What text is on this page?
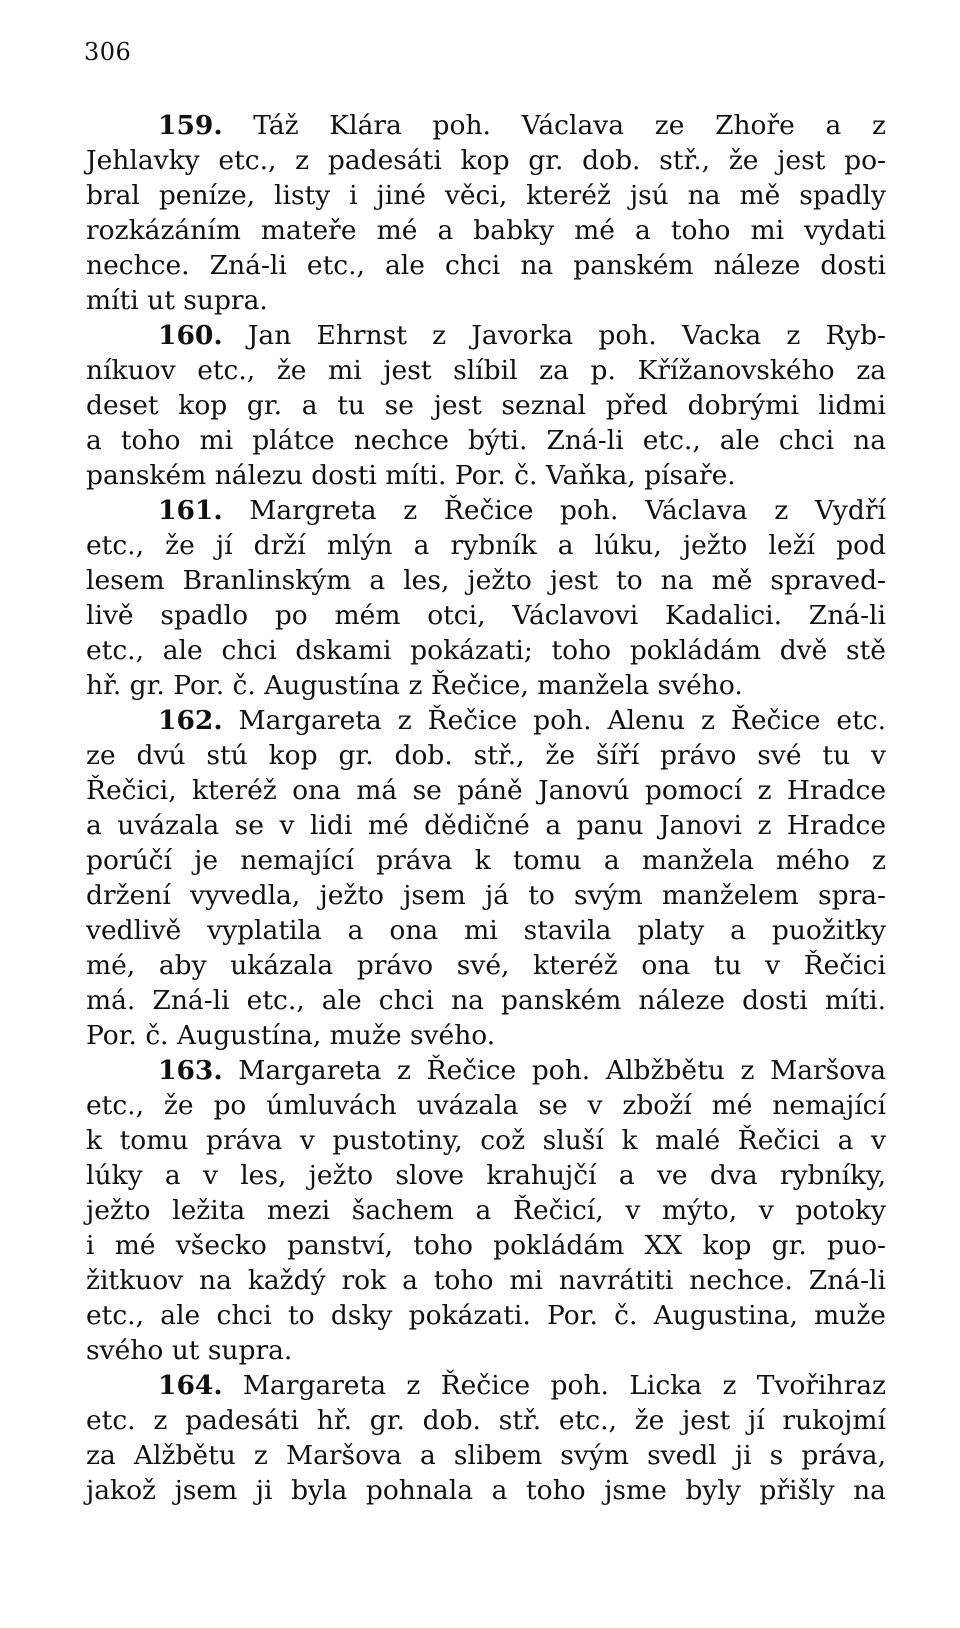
306
159. Táž Klára poh. Václava ze Zhoře a z
Jehlavky etc., z padesáti kop gr. dob. stř., že jest po-
bral peníze, listy i jiné věci, kteréž jsú na mě spadly
rozkázáním mateře mé a babky mé a toho mi vydati
nechce. Zná-li etc., ale chci na panském náleze dosti
míti ut supra.
160. Jan Ehrnst z Javorka poh. Vacka z Ryb-
níkuov etc., že mi jest slíbil za p. Křížanovského za
deset kop gr. a tu se jest seznal před dobrými lidmi
a toho mi plátce nechce býti. Zná-li etc., ale chci na
panském nálezu dosti míti. Por. č. Vaňka, písaře.
161. Margreta z Řečice poh. Václava z Vydří
etc., že jí drží mlýn a rybník a lúku, ježto leží pod
lesem Branlinským a les, ježto jest to na mě spraved-
livě spadlo po mém otci, Václavovi Kadalici. Zná-li
etc., ale chci dskami pokázati; toho pokládám dvě stě
hř. gr. Por. č. Augustína z Řečice, manžela svého.
162. Margareta z Řečice poh. Alenu z Řečice etc.
ze dvú stú kop gr. dob. stř., že šíří právo své tu v
Řečici, kteréž ona má se páně Janovú pomocí z Hradce
a uvázala se v lidi mé dědičné a panu Janovi z Hradce
porúčí je nemající práva k tomu a manžela mého z
držení vyvedla, ježto jsem já to svým manželem spra-
vedlivě vyplatila a ona mi stavila platy a puožitky
mé, aby ukázala právo své, kteréž ona tu v Řečici
má. Zná-li etc., ale chci na panském náleze dosti míti.
Por. č. Augustína, muže svého.
163. Margareta z Řečice poh. Albžbětu z Maršova
etc., že po úmluvách uvázala se v zboží mé nemající
k tomu práva v pustotiny, což sluší k malé Řečici a v
lúky a v les, ježto slove krahujčí a ve dva rybníky,
ježto ležita mezi šachem a Řečicí, v mýto, v potoky
i mé všecko panství, toho pokládám XX kop gr. puo-
žitkuov na každý rok a toho mi navrátiti nechce. Zná-li
etc., ale chci to dsky pokázati. Por. č. Augustina, muže
svého ut supra.
164. Margareta z Řečice poh. Licka z Tvořihraz
etc. z padesáti hř. gr. dob. stř. etc., že jest jí rukojmí
za Alžbětu z Maršova a slibem svým svedl ji s práva,
jakož jsem ji byla pohnala a toho jsme byly přišly na
